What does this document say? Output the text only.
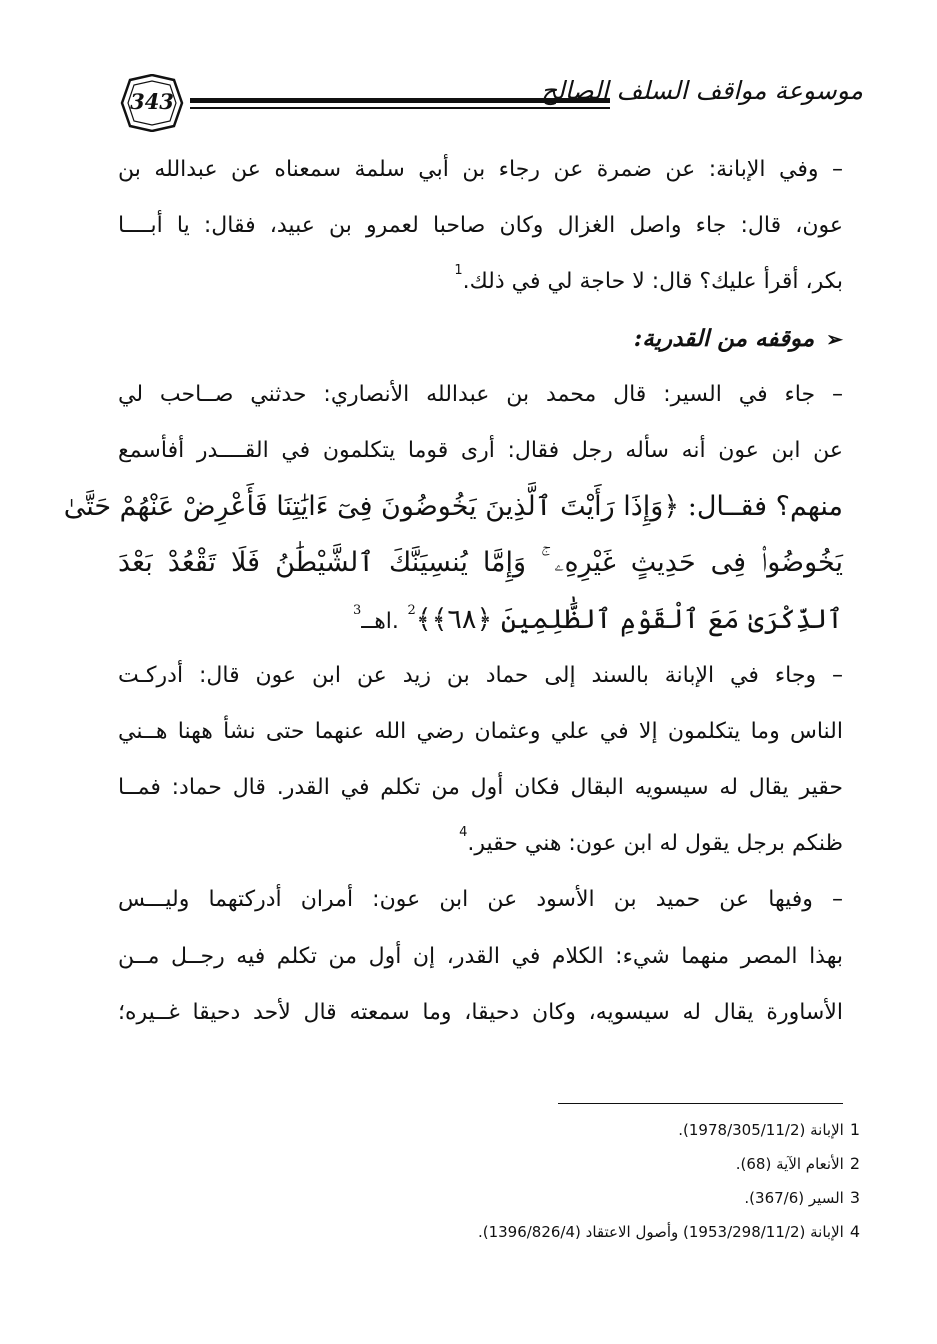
343	موسوعة مواقف السلف الصالح
– وفي الإبانة: عن ضمرة عن رجاء بن أبي سلمة سمعناه عن عبدالله بن
عون، قال: جاء واصل الغزال وكان صاحبا لعمرو بن عبيد، فقال: يا أبــــا
بكر، أقرأ عليك؟ قال: لا حاجة لي في ذلك.$^1$
➢موقفه من القدرية:
– جاء في السير: قال محمد بن عبدالله الأنصاري: حدثني صــاحب لي
عن ابن عون أنه سأله رجل فقال: أرى قوما يتكلمون في القــــدر أفأسمع
منهم؟ فقــال: ﴿وَإِذَا رَأَيْتَ ٱلَّذِينَ يَخُوضُونَ فِىٓ ءَايَٰتِنَا فَأَعْرِضْ عَنْهُمْ حَتَّىٰ
يَخُوضُوا۟ فِى حَدِيثٍ غَيْرِهِۦ ۚ وَإِمَّا يُنسِيَنَّكَ ٱلشَّيْطَٰنُ فَلَا تَقْعُدْ بَعْدَ
ٱلذِّكْرَىٰ مَعَ ٱلْقَوْمِ ٱلظَّٰلِمِينَ ﴿٦٨﴾﴾$^2$ .اهــ$^3$
– وجاء في الإبانة بالسند إلى حماد بن زيد عن ابن عون قال: أدركـت
الناس وما يتكلمون إلا في علي وعثمان رضي الله عنهما حتى نشأ ههنا هــني
حقير يقال له سيسويه البقال فكان أول من تكلم في القدر. قال حماد: فمــا
ظنكم برجل يقول له ابن عون: هني حقير.$^4$
– وفيها عن حميد بن الأسود عن ابن عون: أمران أدركتهما وليـــس
بهذا المصر منهما شيء: الكلام في القدر، إن أول من تكلم فيه رجــل مــن
الأساورة يقال له سيسويه، وكان دحيقا، وما سمعته قال لأحد دحيقا غــيره؛
1الإبانة (1978/305/11/2).
2الأنعام الآية (68).
3السير (367/6).
4الإبانة (1953/298/11/2) وأصول الاعتقاد (1396/826/4).
